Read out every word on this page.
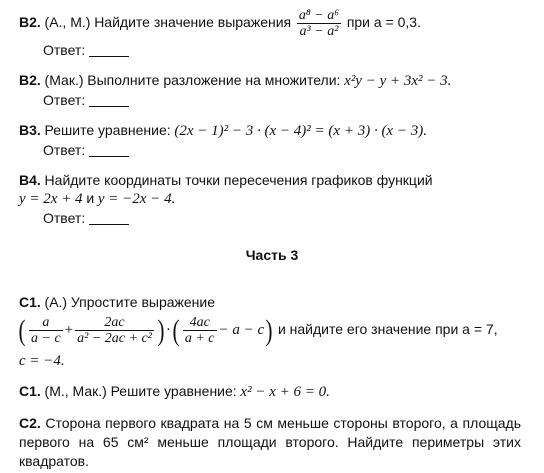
B2. (А., М.) Найдите значение выражения $\frac{\text{a⁸ − a⁶}}{\text{a³ − a²}}$ при a = 0,3.
Ответ:
B2. (Мак.) Выполните разложение на множители: x²y − y + 3x² − 3.
Ответ:
B3. Решите уравнение: (2x − 1)² − 3 · (x − 4)² = (x + 3) · (x − 3).
Ответ:
B4. Найдите координаты точки пересечения графиков функций
y = 2x + 4 и y = −2x − 4.
Ответ:
Часть 3
C1. (А.) Упростите выражение
( $\frac{a}{a - c} + \frac{2ac}{\text{a² − 2ac + c²}}$ ) ·( $\frac{4ac}{a + c} - a - c$) и найдите его значение при a = 7,
c = −4.
C1. (М., Мак.) Решите уравнение: x² − x + 6 = 0.
C2. Сторона первого квадрата на 5 см меньше стороны второго, а площадь первого на 65 см² меньше площади второго. Найдите периметры этих квадратов.
